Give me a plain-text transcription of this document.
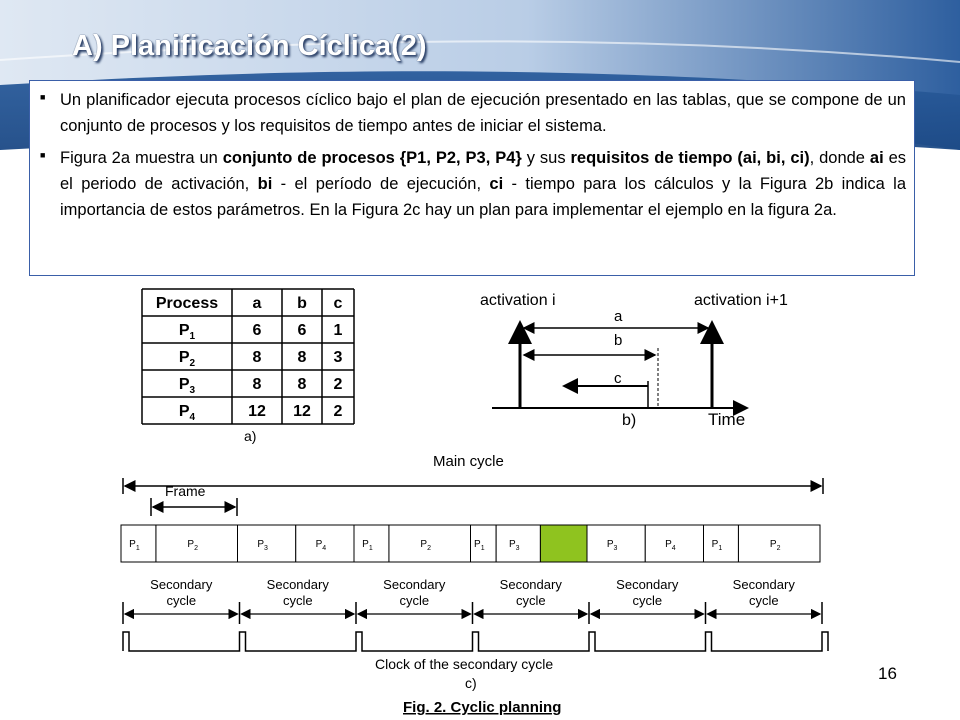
A) Planificación Cíclica(2)
■ Un planificador ejecuta procesos cíclico bajo el plan de ejecución presentado en las tablas, que se compone de un conjunto de procesos y los requisitos de tiempo antes de iniciar el sistema.
■ Figura 2a muestra un conjunto de procesos {P1, P2, P3, P4} y sus requisitos de tiempo (ai, bi, ci), donde ai es el periodo de activación, bi - el período de ejecución, ci - tiempo para los cálculos y la Figura 2b indica la importancia de estos parámetros. En la Figura 2c hay un plan para implementar el ejemplo en la figura 2a.
Process a b c
$P_1$	6 6 1
$P_2$	8 8 3
$P_3$	8 8 2
$P_4$	12 12 2
a)
activation i	activation i+1
a
b
c
Time
b)
Main cycle
Frame
$P_1$	$P_2$	$P_3$	$P_4$	$P_1$	$P_2$	$P_1$ $P_3$	$P_3$	$P_4$	$P_1$	$P_2$
Secondary
cycle
Secondary
cycle
Secondary
cycle
Secondary
cycle
Secondary
cycle
Secondary
cycle
Clock of the secondary cycle
c)
Fig. 2. Cyclic planning
16
